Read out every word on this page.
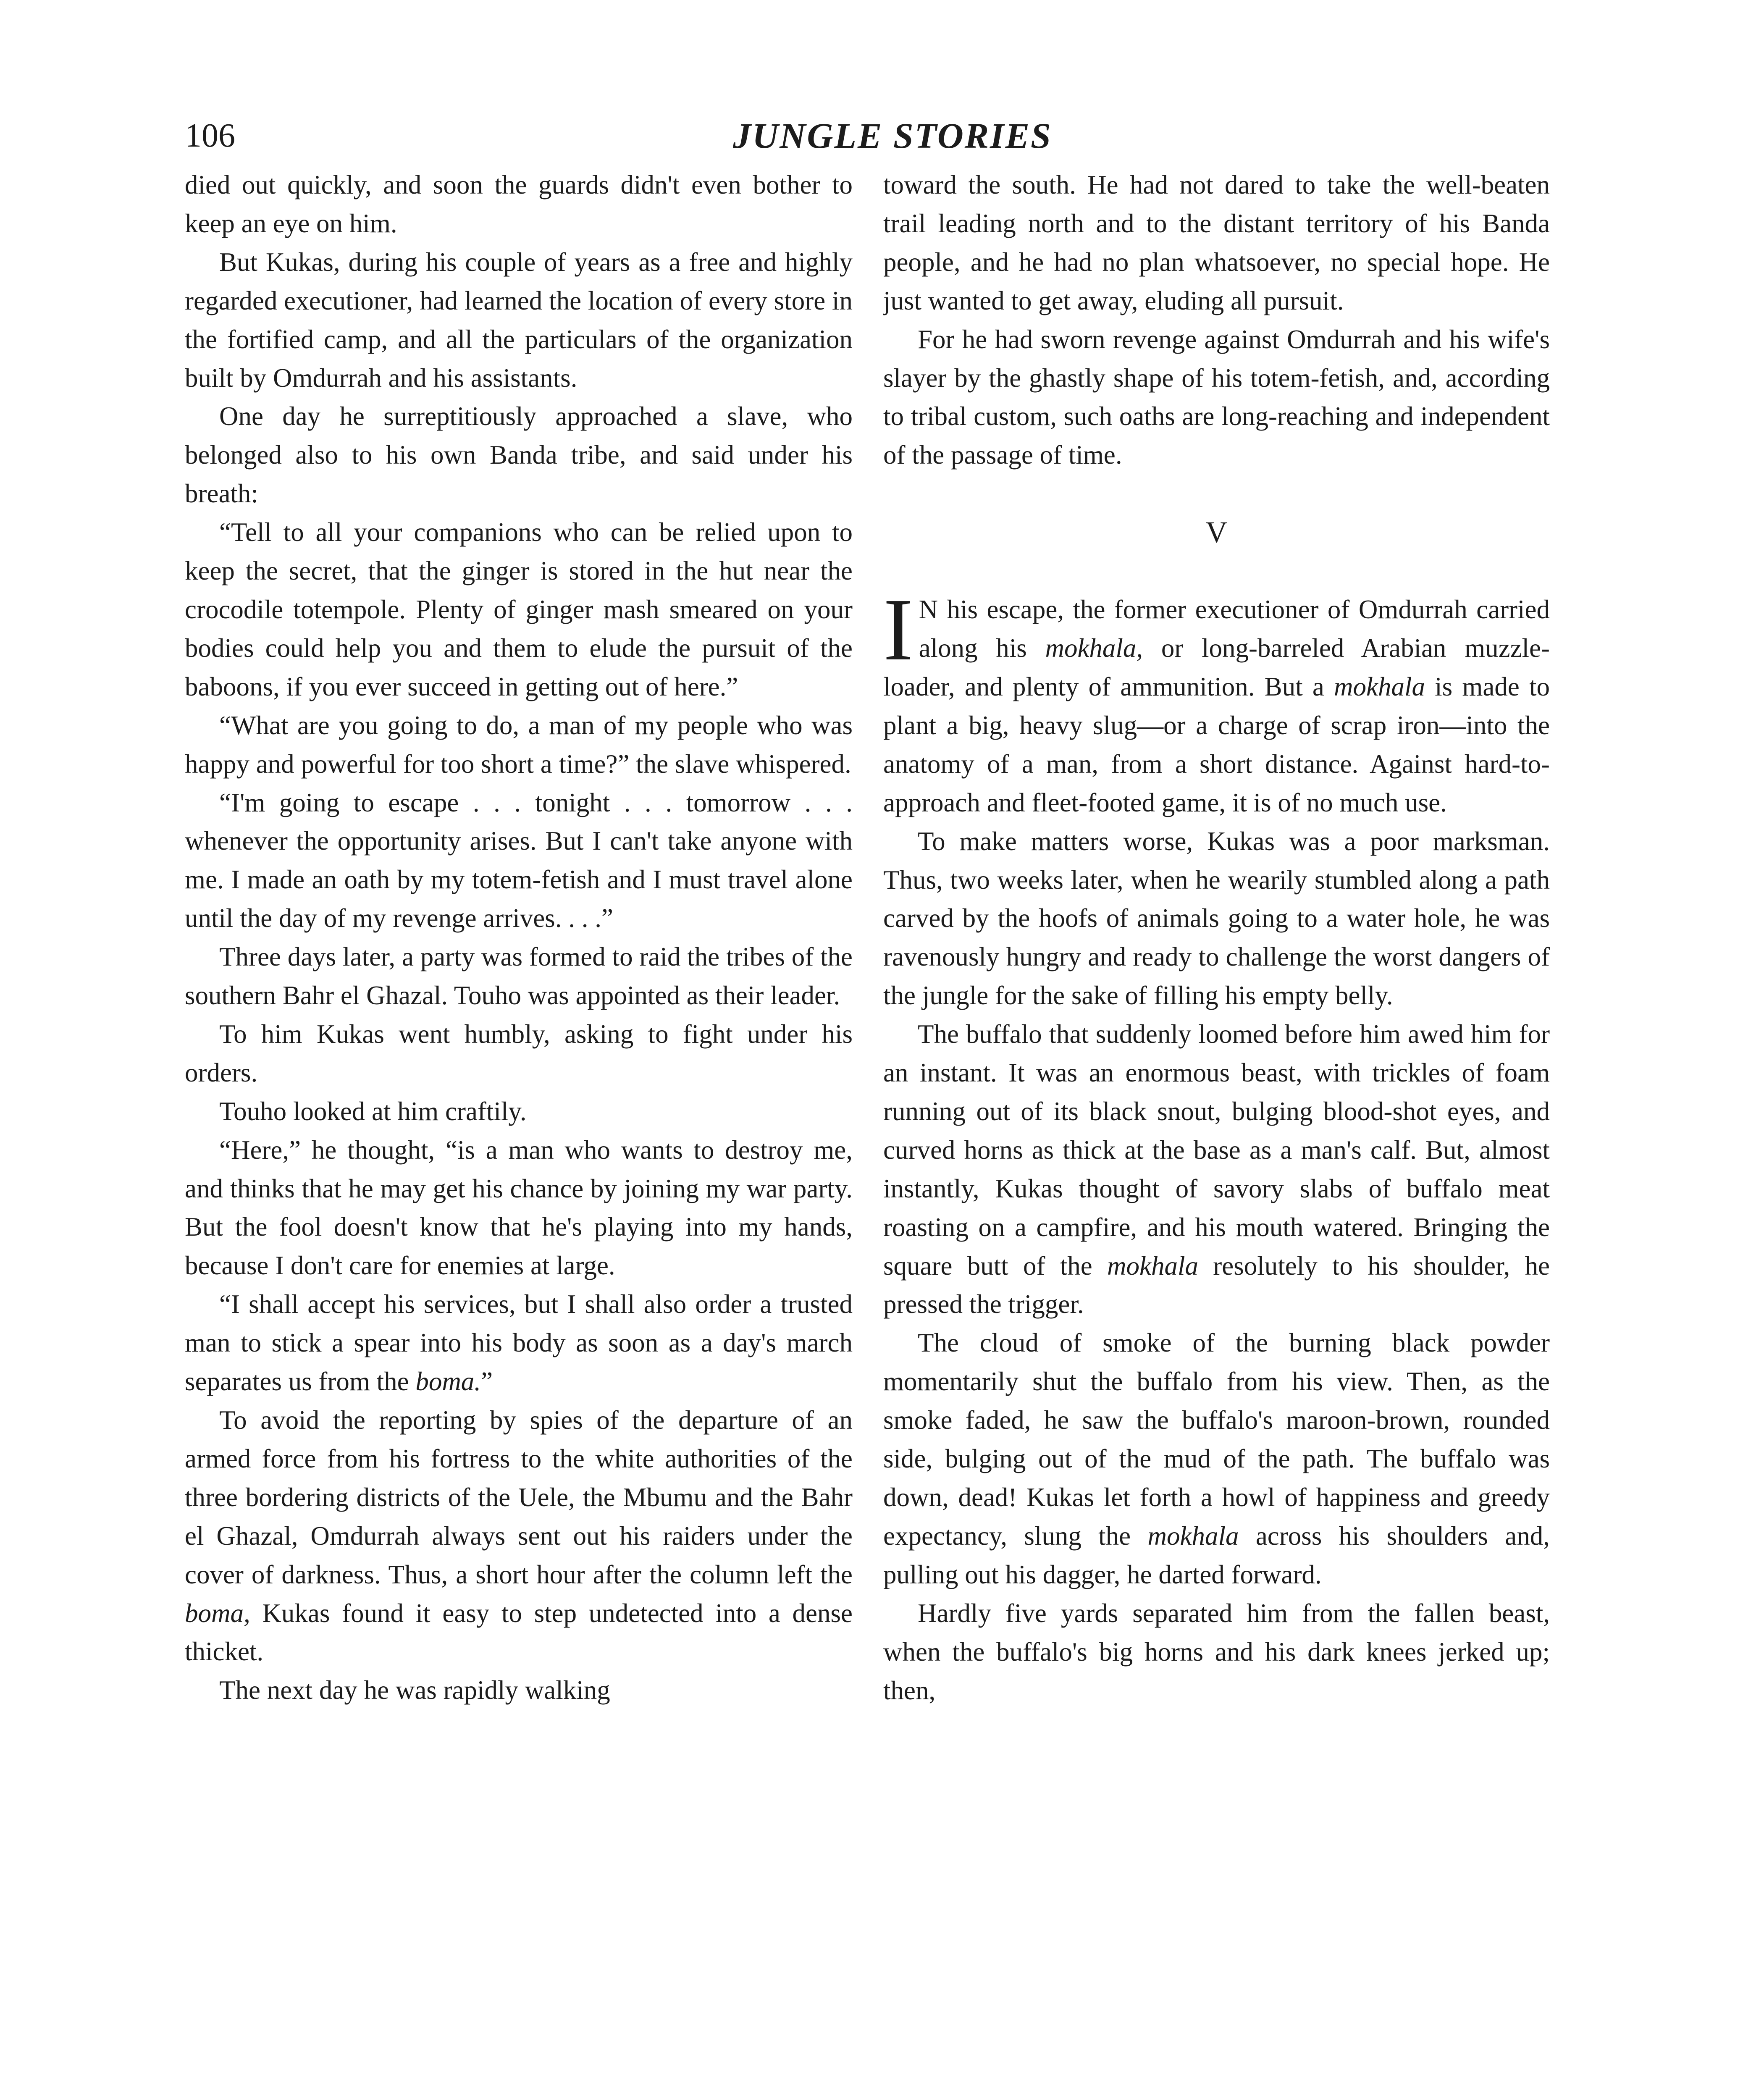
106	JUNGLE STORIES

died out quickly, and soon the guards didn't even bother to keep an eye on him.

But Kukas, during his couple of years as a free and highly regarded executioner, had learned the location of every store in the fortified camp, and all the particulars of the organization built by Omdurrah and his assistants.

One day he surreptitiously approached a slave, who belonged also to his own Banda tribe, and said under his breath:

“Tell to all your companions who can be relied upon to keep the secret, that the ginger is stored in the hut near the crocodile totempole. Plenty of ginger mash smeared on your bodies could help you and them to elude the pursuit of the baboons, if you ever succeed in getting out of here.”

“What are you going to do, a man of my people who was happy and powerful for too short a time?” the slave whispered.

“I'm going to escape . . . tonight . . . tomorrow . . . whenever the opportunity arises. But I can't take anyone with me. I made an oath by my totem-fetish and I must travel alone until the day of my revenge arrives. . . .”

Three days later, a party was formed to raid the tribes of the southern Bahr el Ghazal. Touho was appointed as their leader.

To him Kukas went humbly, asking to fight under his orders.

Touho looked at him craftily.

“Here,” he thought, “is a man who wants to destroy me, and thinks that he may get his chance by joining my war party. But the fool doesn't know that he's playing into my hands, because I don't care for enemies at large.

“I shall accept his services, but I shall also order a trusted man to stick a spear into his body as soon as a day's march separates us from the boma.”

To avoid the reporting by spies of the departure of an armed force from his fortress to the white authorities of the three bordering districts of the Uele, the Mbumu and the Bahr el Ghazal, Omdurrah always sent out his raiders under the cover of darkness. Thus, a short hour after the column left the boma, Kukas found it easy to step undetected into a dense thicket.

The next day he was rapidly walking

toward the south. He had not dared to take the well-beaten trail leading north and to the distant territory of his Banda people, and he had no plan whatsoever, no special hope. He just wanted to get away, eluding all pursuit.

For he had sworn revenge against Omdurrah and his wife's slayer by the ghastly shape of his totem-fetish, and, according to tribal custom, such oaths are long-reaching and independent of the passage of time.

V

I N his escape, the former executioner of Omdurrah carried along his mokhala, or long-barreled Arabian muzzle-loader, and plenty of ammunition. But a mokhala is made to plant a big, heavy slug—or a charge of scrap iron—into the anatomy of a man, from a short distance. Against hard-to-approach and fleet-footed game, it is of no much use.

To make matters worse, Kukas was a poor marksman. Thus, two weeks later, when he wearily stumbled along a path carved by the hoofs of animals going to a water hole, he was ravenously hungry and ready to challenge the worst dangers of the jungle for the sake of filling his empty belly.

The buffalo that suddenly loomed before him awed him for an instant. It was an enormous beast, with trickles of foam running out of its black snout, bulging blood-shot eyes, and curved horns as thick at the base as a man's calf. But, almost instantly, Kukas thought of savory slabs of buffalo meat roasting on a campfire, and his mouth watered. Bringing the square butt of the mokhala resolutely to his shoulder, he pressed the trigger.

The cloud of smoke of the burning black powder momentarily shut the buffalo from his view. Then, as the smoke faded, he saw the buffalo's maroon-brown, rounded side, bulging out of the mud of the path. The buffalo was down, dead! Kukas let forth a howl of happiness and greedy expectancy, slung the mokhala across his shoulders and, pulling out his dagger, he darted forward.

Hardly five yards separated him from the fallen beast, when the buffalo's big horns and his dark knees jerked up; then,
